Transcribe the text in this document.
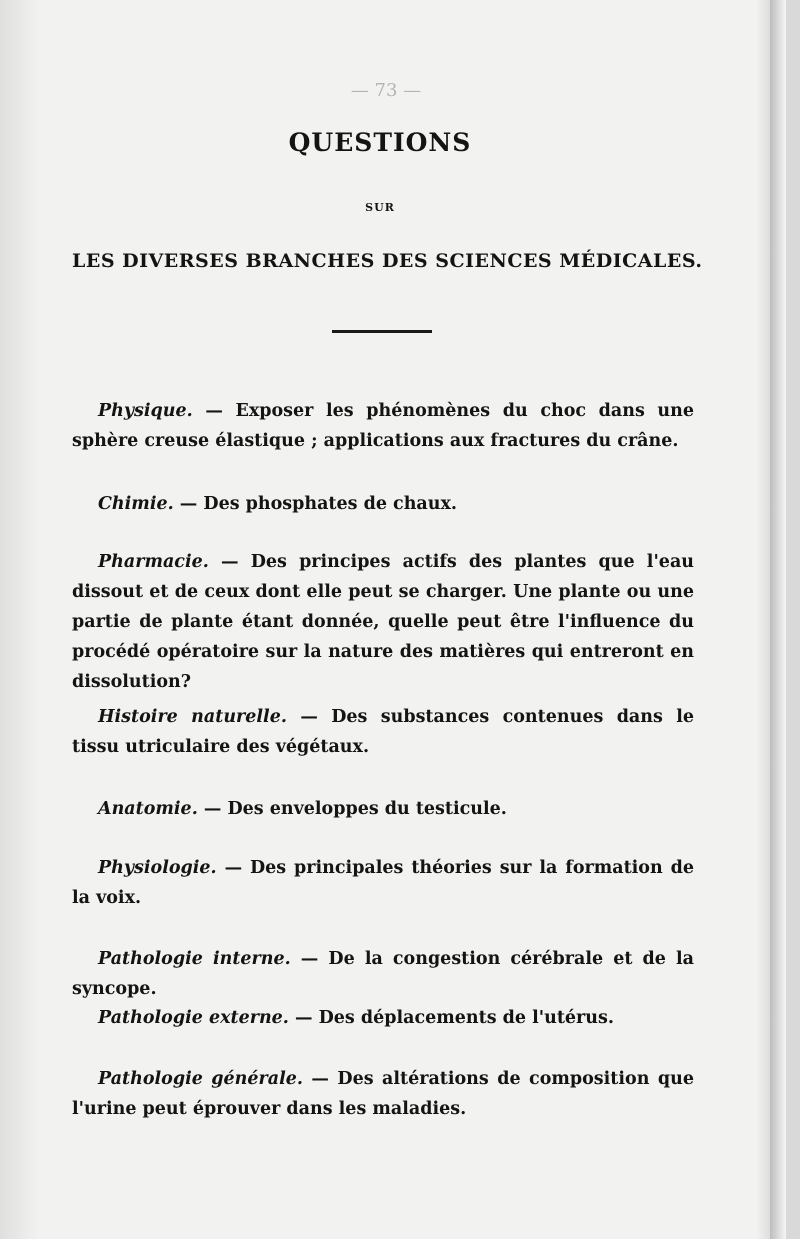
— 73 —
QUESTIONS
SUR
LES DIVERSES BRANCHES DES SCIENCES MÉDICALES.
Physique. — Exposer les phénomènes du choc dans une sphère creuse élastique ; applications aux fractures du crâne.
Chimie. — Des phosphates de chaux.
Pharmacie. — Des principes actifs des plantes que l'eau dissout et de ceux dont elle peut se charger. Une plante ou une partie de plante étant donnée, quelle peut être l'influence du procédé opératoire sur la nature des matières qui entreront en dissolution?
Histoire naturelle. — Des substances contenues dans le tissu utriculaire des végétaux.
Anatomie. — Des enveloppes du testicule.
Physiologie. — Des principales théories sur la formation de la voix.
Pathologie interne. — De la congestion cérébrale et de la syncope.
Pathologie externe. — Des déplacements de l'utérus.
Pathologie générale. — Des altérations de composition que l'urine peut éprouver dans les maladies.
